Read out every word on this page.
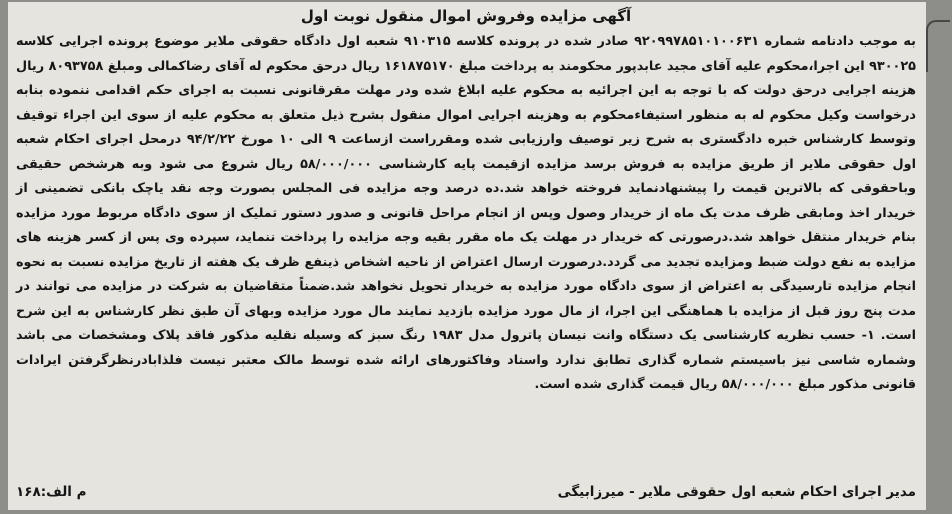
آگهی مزایده وفروش اموال منقول نوبت اول

به موجب دادنامه شماره ۹۲۰۹۹۷۸۵۱۰۱۰۰۶۳۱ صادر شده در پرونده کلاسه ۹۱۰۳۱۵ شعبه اول دادگاه حقوقی ملایر موضوع پرونده اجرایی کلاسه ۹۳۰۰۲۵ این اجرا،محکوم علیه آقای مجید عابدپور محکومند به پرداخت مبلغ ۱۶۱۸۷۵۱۷۰ ریال درحق محکوم له آقای رضاکمالی ومبلغ ۸۰۹۳۷۵۸ ریال هزینه اجرایی درحق دولت که با توجه به این اجرائیه به محکوم علیه ابلاغ شده ودر مهلت مقرقانونی نسبت به اجرای حکم اقدامی ننموده بنابه درخواست وکیل محکوم له به منظور استیفاءمحکوم به وهزینه اجرایی اموال منقول بشرح ذیل متعلق به محکوم علیه از سوی این اجراء توقیف وتوسط کارشناس خبره دادگستری به شرح زیر توصیف وارزیابی شده ومقرراست ازساعت ۹ الی ۱۰ مورخ ۹۴/۲/۲۲ درمحل اجرای احکام شعبه اول حقوقی ملایر از طریق مزایده به فروش برسد مزایده ازقیمت پایه کارشناسی ۵۸/۰۰۰/۰۰۰ ریال شروع می شود وبه هرشخص حقیقی وباحقوقی که بالاترین قیمت را پیشنهادنماید فروخته خواهد شد.ده درصد وجه مزایده فی المجلس بصورت وجه نقد یاچک بانکی تضمینی از خریدار اخذ ومابقی ظرف مدت یک ماه از خریدار وصول وپس از انجام مراحل قانونی و صدور دستور تملیک از سوی دادگاه مربوط مورد مزایده بنام خریدار منتقل خواهد شد.درصورتی که خریدار در مهلت یک ماه مقرر بقیه وجه مزایده را پرداخت ننماید، سپرده وی پس از کسر هزینه های مزایده به نفع دولت ضبط ومزایده تجدید می گردد.درصورت ارسال اعتراض از ناحیه اشخاص ذینفع ظرف یک هفته از تاریخ مزایده نسبت به نحوه انجام مزایده تارسیدگی به اعتراض از سوی دادگاه مورد مزایده به خریدار تحویل نخواهد شد.ضمناً متقاضیان به شرکت در مزایده می توانند در مدت پنج روز قبل از مزایده با هماهنگی این اجرا، از مال مورد مزایده بازدید نمایند مال مورد مزایده وبهای آن طبق نظر کارشناس به این شرح است. ۱- حسب نظریه کارشناسی یک دستگاه وانت نیسان پاترول مدل ۱۹۸۳ رنگ سبز که وسیله نقلیه مذکور فاقد پلاک ومشخصات می باشد وشماره شاسی نیز باسیستم شماره گذاری تطابق ندارد واسناد وفاکتورهای ارائه شده توسط مالک معتبر نیست فلذابادرنظرگرفتن ایرادات قانونی مذکور مبلغ ۵۸/۰۰۰/۰۰۰ ریال قیمت گذاری شده است.

مدیر اجرای احکام شعبه اول حقوقی ملایر - میرزابیگی
م الف:۱۶۸
